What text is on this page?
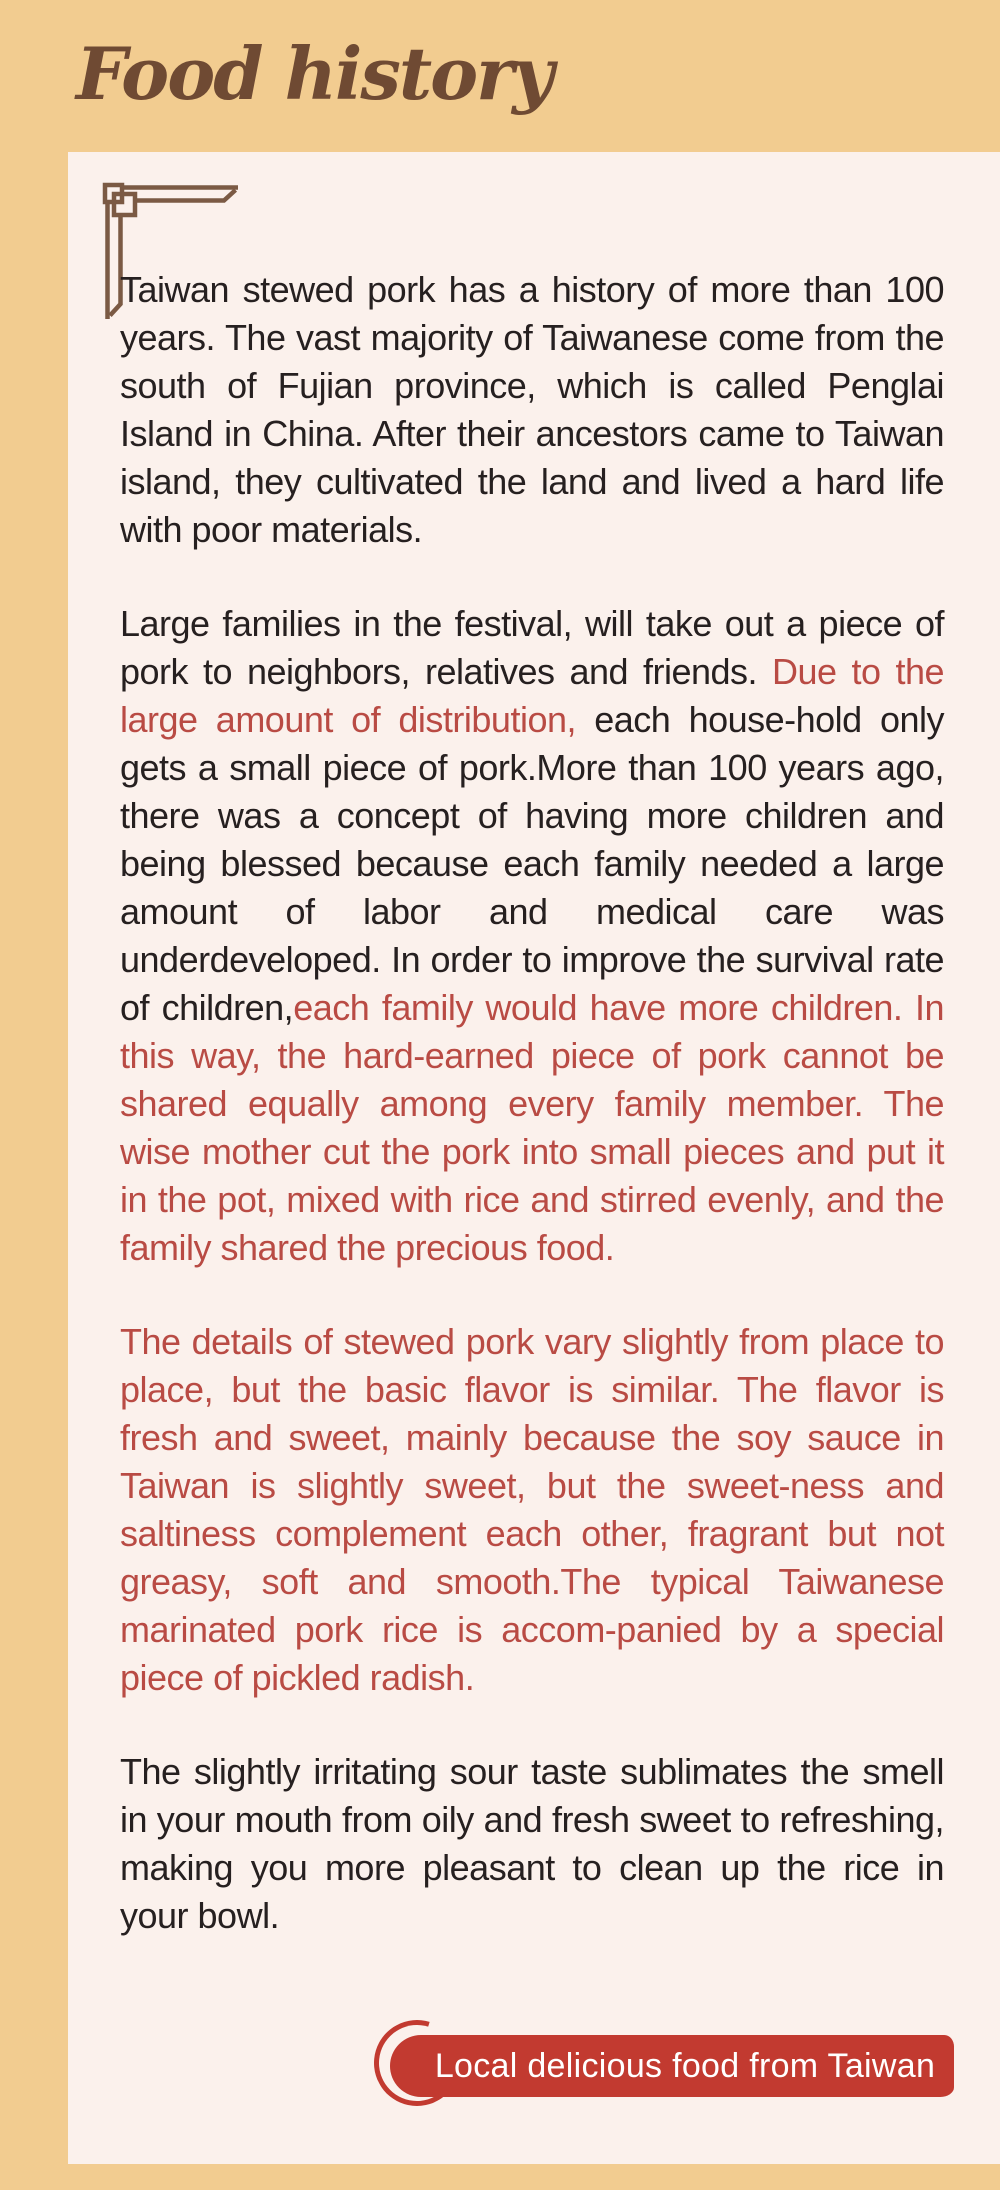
Food history

Taiwan stewed pork has a history of more than 100 years. The vast majority of Taiwanese come from the south of Fujian province, which is called Penglai Island in China. After their ancestors came to Taiwan island, they cultivated the land and lived a hard life with poor materials.

Large families in the festival, will take out a piece of pork to neighbors, relatives and friends. Due to the large amount of distribution, each house-hold only gets a small piece of pork.More than 100 years ago, there was a concept of having more children and being blessed because each family needed a large amount of labor and medical care was underdeveloped. In order to improve the survival rate of children,each family would have more children. In this way, the hard-earned piece of pork cannot be shared equally among every family member. The wise mother cut the pork into small pieces and put it in the pot, mixed with rice and stirred evenly, and the family shared the precious food.

The details of stewed pork vary slightly from place to place, but the basic flavor is similar. The flavor is fresh and sweet, mainly because the soy sauce in Taiwan is slightly sweet, but the sweet-ness and saltiness complement each other, fragrant but not greasy, soft and smooth.The typical Taiwanese marinated pork rice is accom-panied by a special piece of pickled radish.

The slightly irritating sour taste sublimates the smell in your mouth from oily and fresh sweet to refreshing, making you more pleasant to clean up the rice in your bowl.

Local delicious food from Taiwan
